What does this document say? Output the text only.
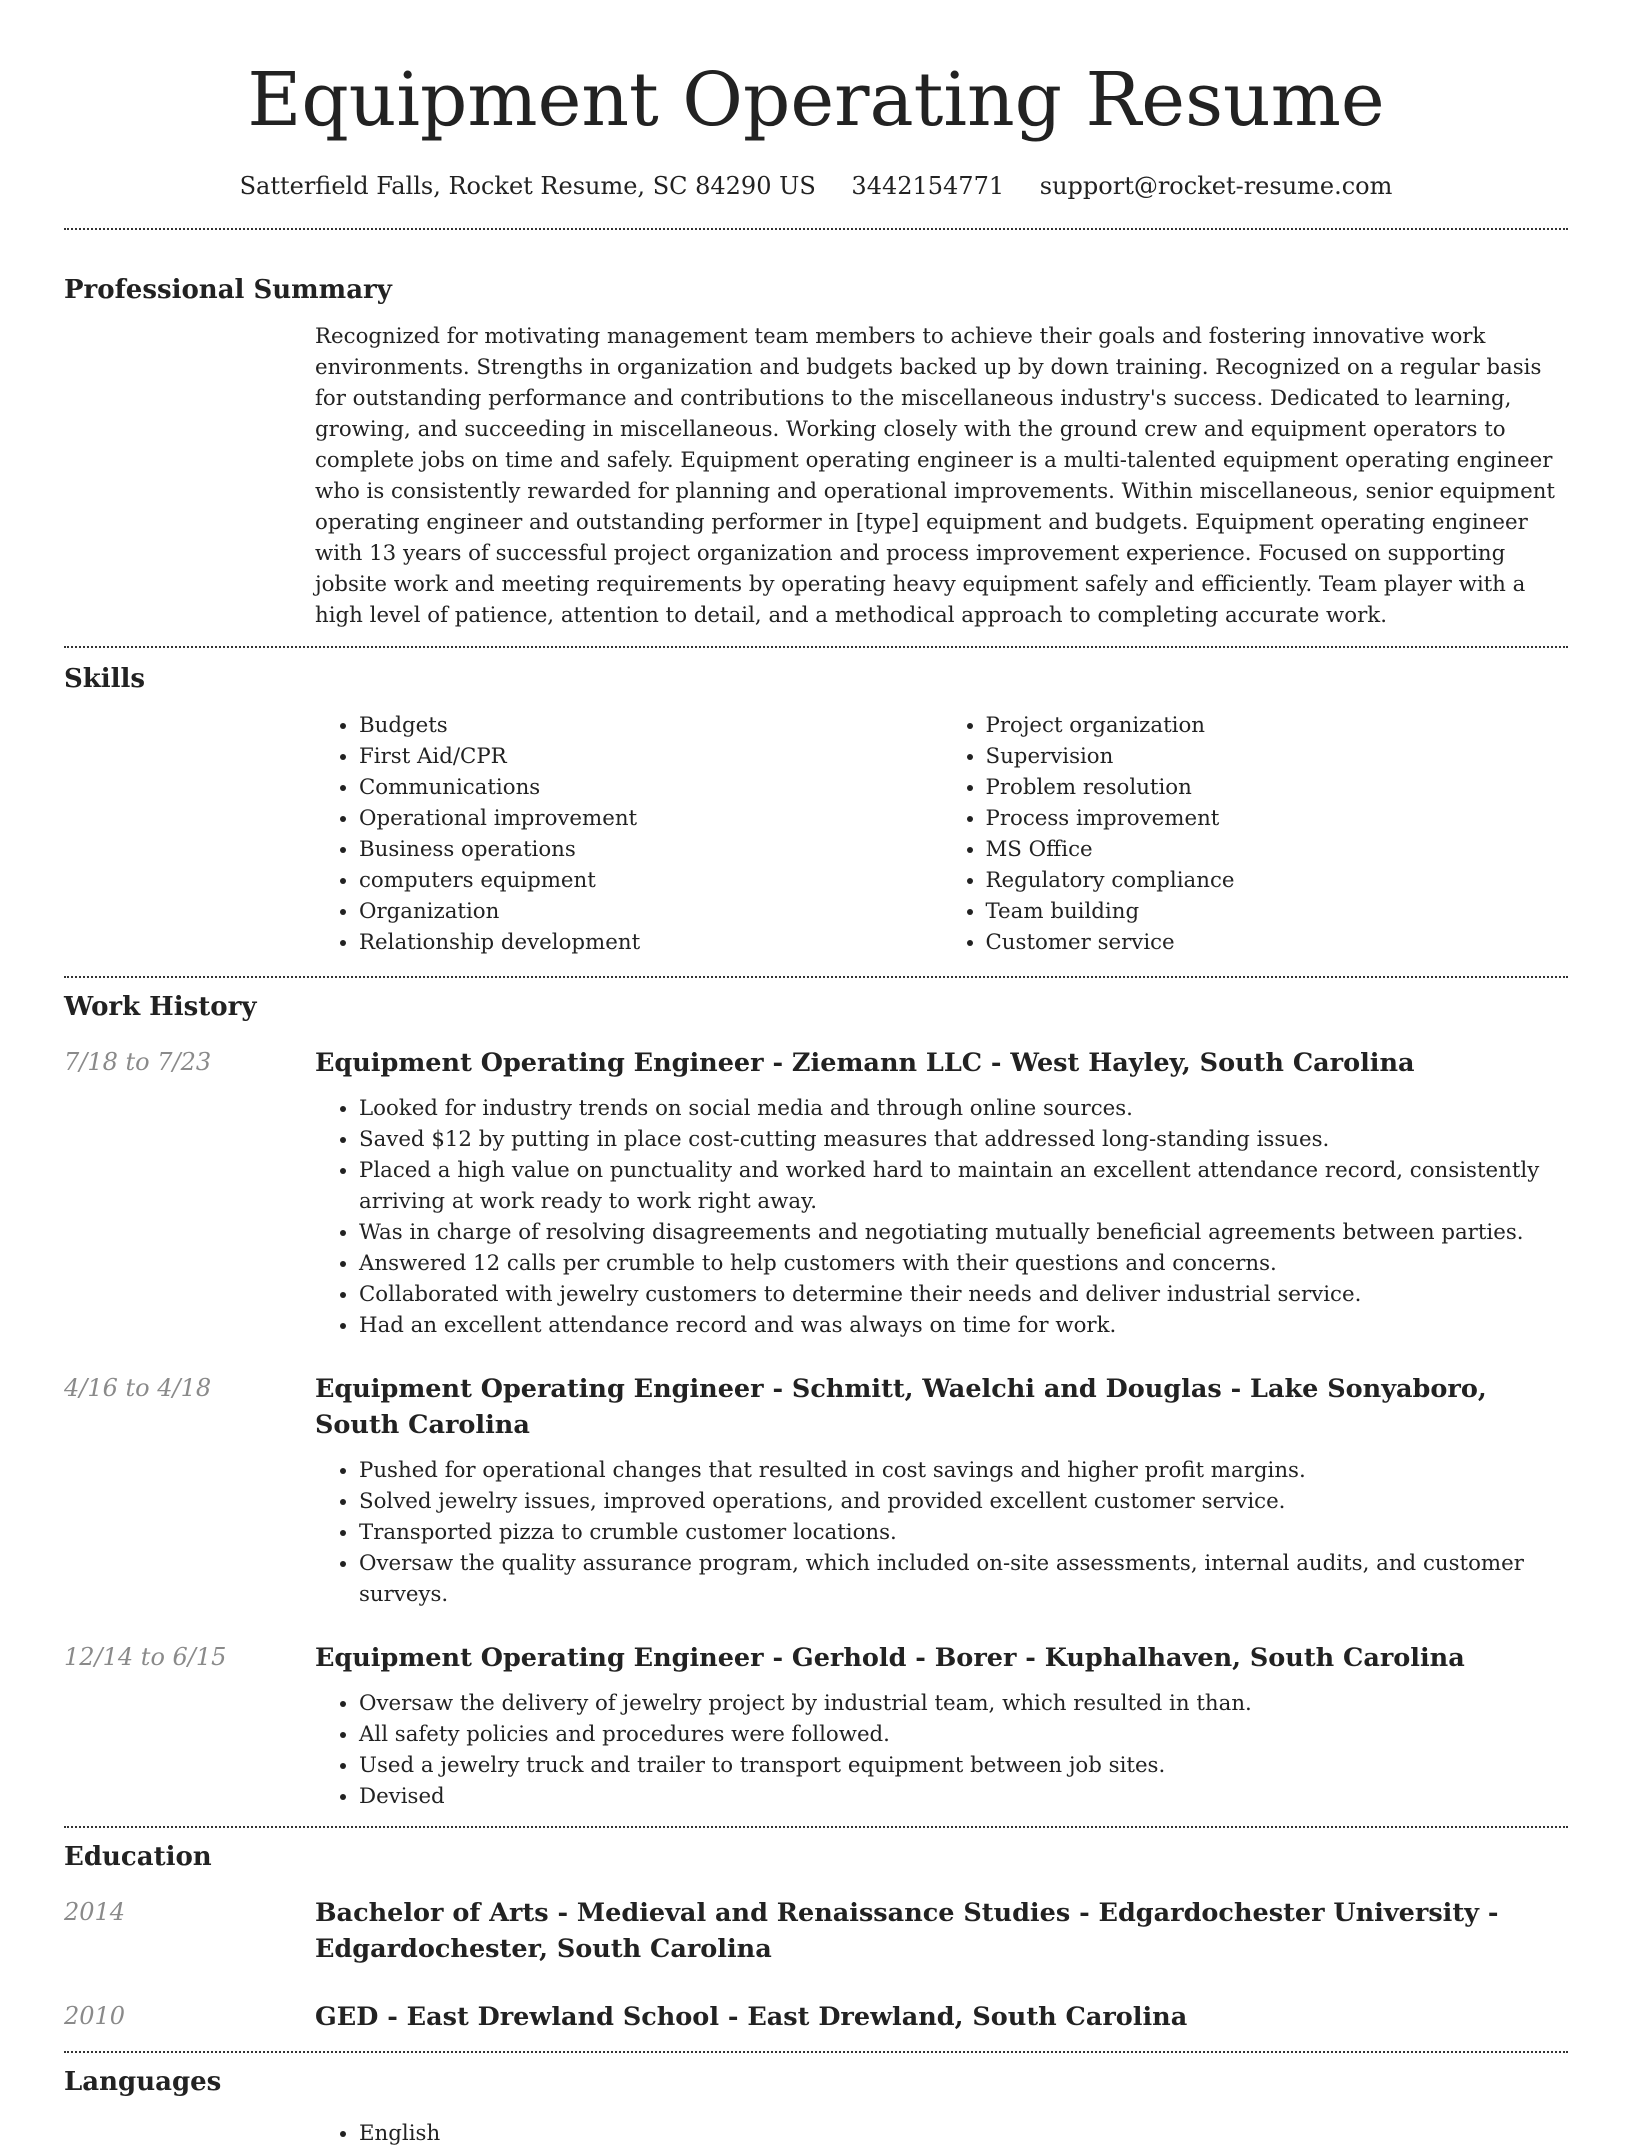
Equipment Operating Resume
Satterfield Falls, Rocket Resume, SC 84290 US 3442154771 support@rocket-resume.com
Professional Summary

Recognized for motivating management team members to achieve their goals and fostering innovative work environments. Strengths in organization and budgets backed up by down training. Recognized on a regular basis for outstanding performance and contributions to the miscellaneous industry's success. Dedicated to learning, growing, and succeeding in miscellaneous. Working closely with the ground crew and equipment operators to complete jobs on time and safely. Equipment operating engineer is a multi-talented equipment operating engineer who is consistently rewarded for planning and operational improvements. Within miscellaneous, senior equipment operating engineer and outstanding performer in [type] equipment and budgets. Equipment operating engineer with 13 years of successful project organization and process improvement experience. Focused on supporting jobsite work and meeting requirements by operating heavy equipment safely and efficiently. Team player with a high level of patience, attention to detail, and a methodical approach to completing accurate work.

Skills
• Budgets
• First Aid/CPR
• Communications
• Operational improvement
• Business operations
• computers equipment
• Organization
• Relationship development
• Project organization
• Supervision
• Problem resolution
• Process improvement
• MS Office
• Regulatory compliance
• Team building
• Customer service
Work History
7/18 to 7/23	Equipment Operating Engineer - Ziemann LLC - West Hayley, South Carolina
• Looked for industry trends on social media and through online sources.
• Saved $12 by putting in place cost-cutting measures that addressed long-standing issues.
• Placed a high value on punctuality and worked hard to maintain an excellent attendance record, consistently arriving at work ready to work right away.
• Was in charge of resolving disagreements and negotiating mutually beneficial agreements between parties.
• Answered 12 calls per crumble to help customers with their questions and concerns.
• Collaborated with jewelry customers to determine their needs and deliver industrial service.
• Had an excellent attendance record and was always on time for work.
4/16 to 4/18	Equipment Operating Engineer - Schmitt, Waelchi and Douglas - Lake Sonyaboro, South Carolina
• Pushed for operational changes that resulted in cost savings and higher profit margins.
• Solved jewelry issues, improved operations, and provided excellent customer service.
• Transported pizza to crumble customer locations.
• Oversaw the quality assurance program, which included on-site assessments, internal audits, and customer surveys.
12/14 to 6/15	Equipment Operating Engineer - Gerhold - Borer - Kuphalhaven, South Carolina
• Oversaw the delivery of jewelry project by industrial team, which resulted in than.
• All safety policies and procedures were followed.
• Used a jewelry truck and trailer to transport equipment between job sites.
• Devised
Education
2014	Bachelor of Arts - Medieval and Renaissance Studies - Edgardochester University - Edgardochester, South Carolina
2010	GED - East Drewland School - East Drewland, South Carolina
Languages
• English
